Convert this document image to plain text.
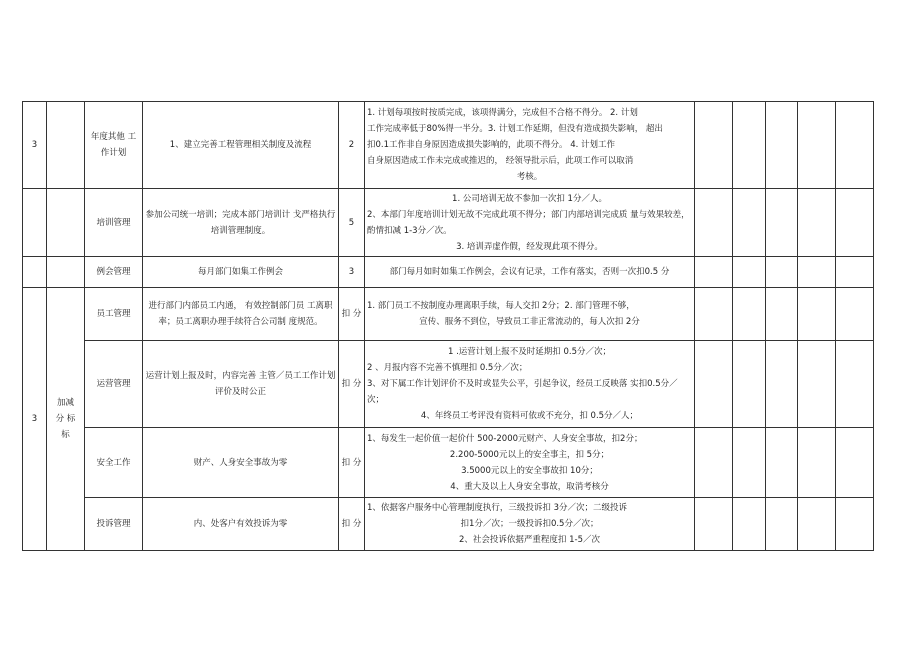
3		年度其他 工作计划	1、建立完善工程管理相关制度及流程	2	1. 计划每项按时按质完成，该项得满分，完成但不合格不得分。 2. 计划
工作完成率低于80%得一半分。3. 计划工作延期，但没有造成损失影响， 超出
扣0.1工作非自身原因造成损失影响的，此项不得分。 4. 计划工作
自身原因造成工作未完成或推迟的， 经领导批示后，此项工作可以取消
考核。					

		培训管理	参加公司统一培训；完成本部门培训计 戈严格执行培训管理制度。	5	1. 公司培训无故不参加一次扣 1分／人。
2、本部门年度培训计划无故不完成此项不得分；部门内部培训完成质 量与效果较差，酌情扣减 1-3分／次。
3. 培训弄虚作假，经发现此项不得分。					

		例会管理	每月部门如集工作例会	3	部门每月如时如集工作例会，会议有记录，工作有落实，否则一次扣0.5 分					
3	加减 分 标 标	员工管理	进行部门内部员工内通， 有效控制部门员 工离职率；员工离职办理手续符合公司制 度规范。	扣 分	1. 部门员工不按制度办理离职手续，每人交扣 2分；2. 部门管理不够，
宣传、服务不到位，导致员工非正常流动的，每人次扣 2分					

		运营管理	运营计划上报及时，内容完善 主管／员工工作计划评价及时公正	扣 分	1 .运营计划上报不及时延期扣 0.5分／次；
2 、月报内容不完善不慎理扣 0.5分／次；
3、对下属工作计划评价不及时或显失公平，引起争议，经员工反映落 实扣0.5分／次；
4、年终员工考评没有资料可依或不充分，扣 0.5分／人；					

		安全工作	财产、人身安全事故为零	扣 分	1、每发生一起价值一起价什 500-2000元财产、人身安全事故，扣2分；
2.200-5000元以上的安全事主，扣 5分；
3.5000元以上的安全事故扣 10分；
4、重大及以上人身安全事故，取消考核分					

		投诉管理	内、处客户有效投诉为零	扣 分	1、依据客户服务中心管理制度执行，三级投诉扣 3分／次；二级投诉
扣1分／次；一级投诉扣0.5分／次；
2、社会投诉依据严重程度扣 1-5／次					
